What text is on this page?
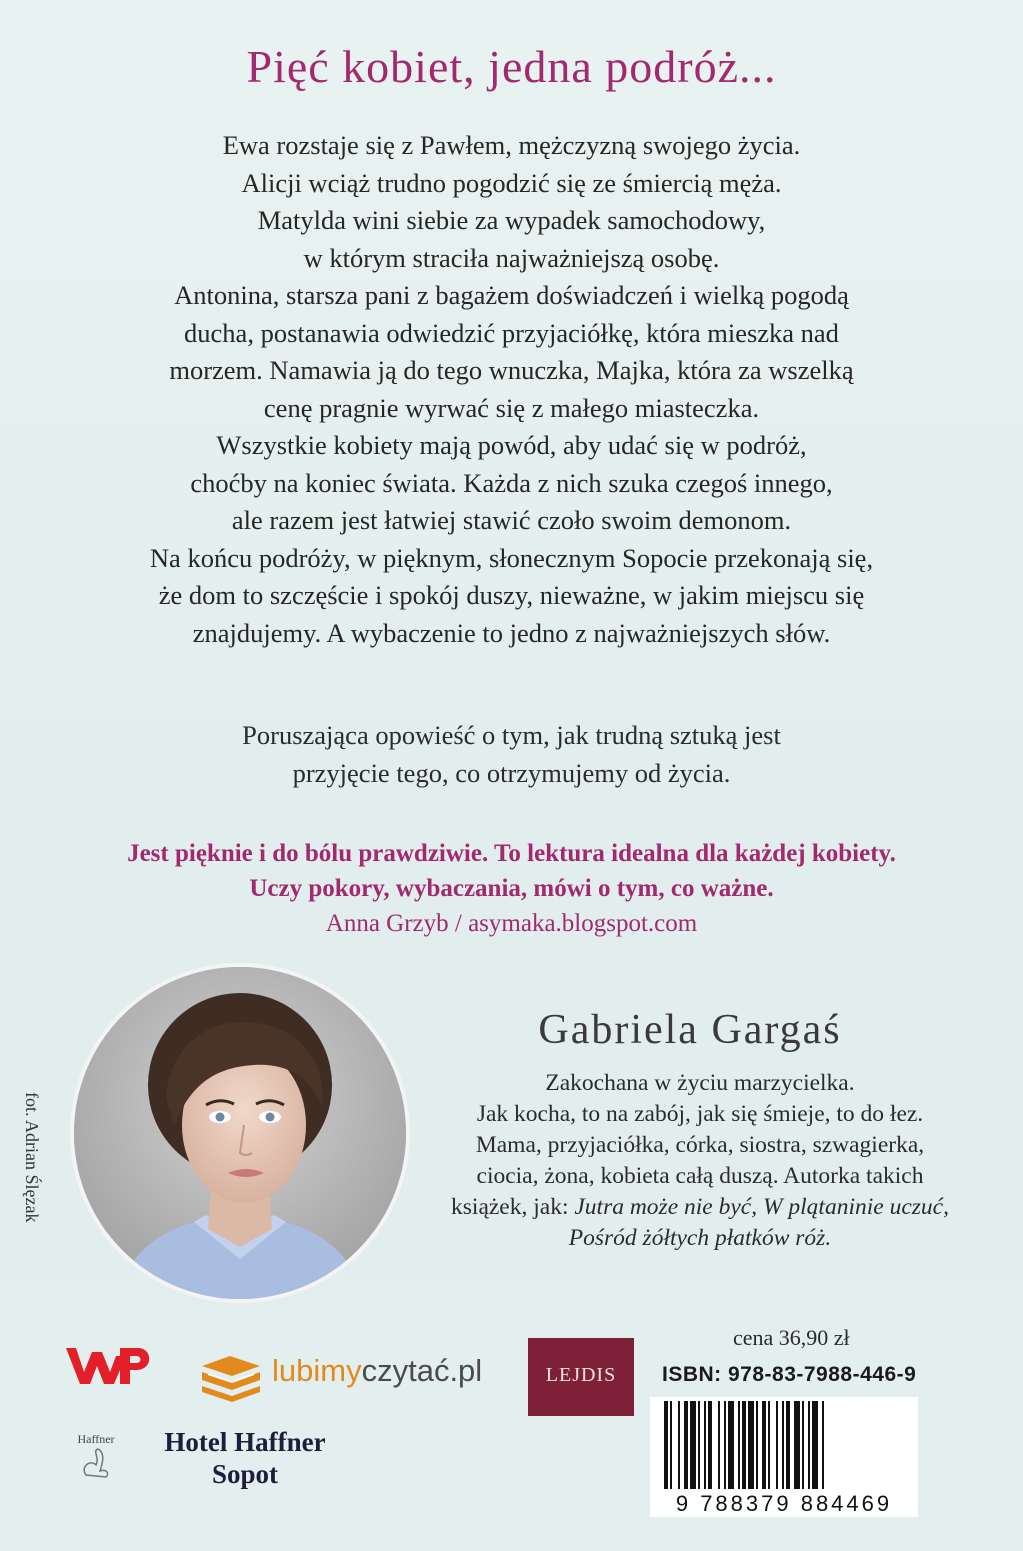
Pięć kobiet, jedna podróż...
Ewa rozstaje się z Pawłem, mężczyzną swojego życia.
Alicji wciąż trudno pogodzić się ze śmiercią męża.
Matylda wini siebie za wypadek samochodowy,
w którym straciła najważniejszą osobę.
Antonina, starsza pani z bagażem doświadczeń i wielką pogodą
ducha, postanawia odwiedzić przyjaciółkę, która mieszka nad
morzem. Namawia ją do tego wnuczka, Majka, która za wszelką
cenę pragnie wyrwać się z małego miasteczka.
Wszystkie kobiety mają powód, aby udać się w podróż,
choćby na koniec świata. Każda z nich szuka czegoś innego,
ale razem jest łatwiej stawić czoło swoim demonom.
Na końcu podróży, w pięknym, słonecznym Sopocie przekonają się,
że dom to szczęście i spokój duszy, nieważne, w jakim miejscu się
znajdujemy. A wybaczenie to jedno z najważniejszych słów.
Poruszająca opowieść o tym, jak trudną sztuką jest
przyjęcie tego, co otrzymujemy od życia.
Jest pięknie i do bólu prawdziwie. To lektura idealna dla każdej kobiety.
Uczy pokory, wybaczania, mówi o tym, co ważne.
Anna Grzyb / asymaka.blogspot.com
fot. Adrian Ślęzak
Gabriela Gargaś
Zakochana w życiu marzycielka.
Jak kocha, to na zabój, jak się śmieje, to do łez.
Mama, przyjaciółka, córka, siostra, szwagierka,
ciocia, żona, kobieta całą duszą. Autorka takich
książek, jak: Jutra może nie być, W plątaninie uczuć,
Pośród żółtych płatków róż.
lubimyczytać.pl	LEJDIS
Haffner	Hotel Haffner
Sopot
cena 36,90 zł
ISBN: 978-83-7988-446-9
9 788379 884469
